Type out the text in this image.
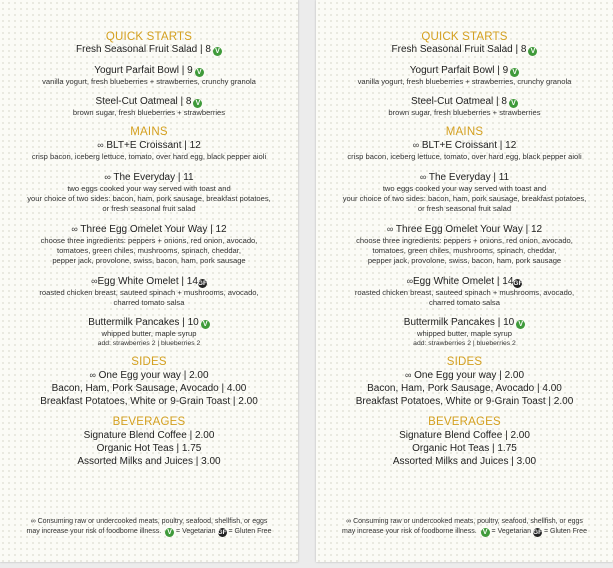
QUICK STARTS
Fresh Seasonal Fruit Salad | 8 V
Yogurt Parfait Bowl | 9 V
vanilla yogurt, fresh blueberries + strawberries, crunchy granola
Steel-Cut Oatmeal | 8 V
brown sugar, fresh blueberries + strawberries
MAINS
∞ BLT+E Croissant | 12
crisp bacon, iceberg lettuce, tomato, over hard egg, black pepper aioli
∞ The Everyday | 11
two eggs cooked your way served with toast and
your choice of two sides: bacon, ham, pork sausage, breakfast potatoes,
or fresh seasonal fruit salad
∞ Three Egg Omelet Your Way | 12
choose three ingredients: peppers + onions, red onion, avocado,
tomatoes, green chiles, mushrooms, spinach, cheddar,
pepper jack, provolone, swiss, bacon, ham, pork sausage
∞Egg White Omelet | 14GF
roasted chicken breast, sauteed spinach + mushrooms, avocado,
charred tomato salsa
Buttermilk Pancakes | 10 V
whipped butter, maple syrup
add: strawberries 2 | blueberries 2
SIDES
∞ One Egg your way | 2.00
Bacon, Ham, Pork Sausage, Avocado | 4.00
Breakfast Potatoes, White or 9-Grain Toast | 2.00
BEVERAGES
Signature Blend Coffee | 2.00
Organic Hot Teas | 1.75
Assorted Milks and Juices | 3.00
∞ Consuming raw or undercooked meats, poultry, seafood, shellfish, or eggs
may increase your risk of foodborne illness. V = Vegetarian GF = Gluten Free
QUICK STARTS
Fresh Seasonal Fruit Salad | 8 V
Yogurt Parfait Bowl | 9 V
vanilla yogurt, fresh blueberries + strawberries, crunchy granola
Steel-Cut Oatmeal | 8 V
brown sugar, fresh blueberries + strawberries
MAINS
∞ BLT+E Croissant | 12
crisp bacon, iceberg lettuce, tomato, over hard egg, black pepper aioli
∞ The Everyday | 11
two eggs cooked your way served with toast and
your choice of two sides: bacon, ham, pork sausage, breakfast potatoes,
or fresh seasonal fruit salad
∞ Three Egg Omelet Your Way | 12
choose three ingredients: peppers + onions, red onion, avocado,
tomatoes, green chiles, mushrooms, spinach, cheddar,
pepper jack, provolone, swiss, bacon, ham, pork sausage
∞Egg White Omelet | 14GF
roasted chicken breast, sauteed spinach + mushrooms, avocado,
charred tomato salsa
Buttermilk Pancakes | 10 V
whipped butter, maple syrup
add: strawberries 2 | blueberries 2
SIDES
∞ One Egg your way | 2.00
Bacon, Ham, Pork Sausage, Avocado | 4.00
Breakfast Potatoes, White or 9-Grain Toast | 2.00
BEVERAGES
Signature Blend Coffee | 2.00
Organic Hot Teas | 1.75
Assorted Milks and Juices | 3.00
∞ Consuming raw or undercooked meats, poultry, seafood, shellfish, or eggs
may increase your risk of foodborne illness. V = Vegetarian GF = Gluten Free
